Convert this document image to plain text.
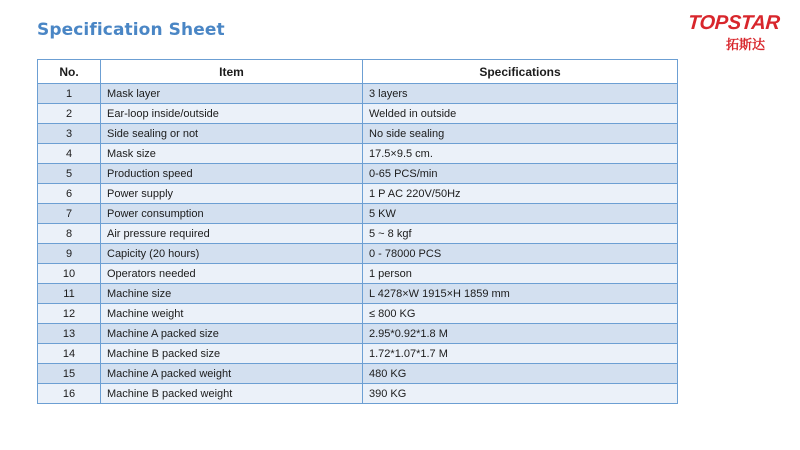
Specification Sheet	TOPSTAR
拓斯达
No.	Item	Specifications
1	Mask layer	3 layers
2	Ear-loop inside/outside	Welded in outside
3	Side sealing or not	No side sealing
4	Mask size	17.5×9.5 cm.
5	Production speed	0-65 PCS/min
6	Power supply	1 P AC 220V/50Hz
7	Power consumption	5 KW
8	Air pressure required	5 ~ 8 kgf
9	Capicity (20 hours)	0 - 78000 PCS
10	Operators needed	1 person
11	Machine size	L 4278×W 1915×H 1859 mm
12	Machine weight	≤ 800 KG
13	Machine A packed size	2.95*0.92*1.8 M
14	Machine B packed size	1.72*1.07*1.7 M
15	Machine A packed weight	480 KG
16	Machine B packed weight	390 KG
